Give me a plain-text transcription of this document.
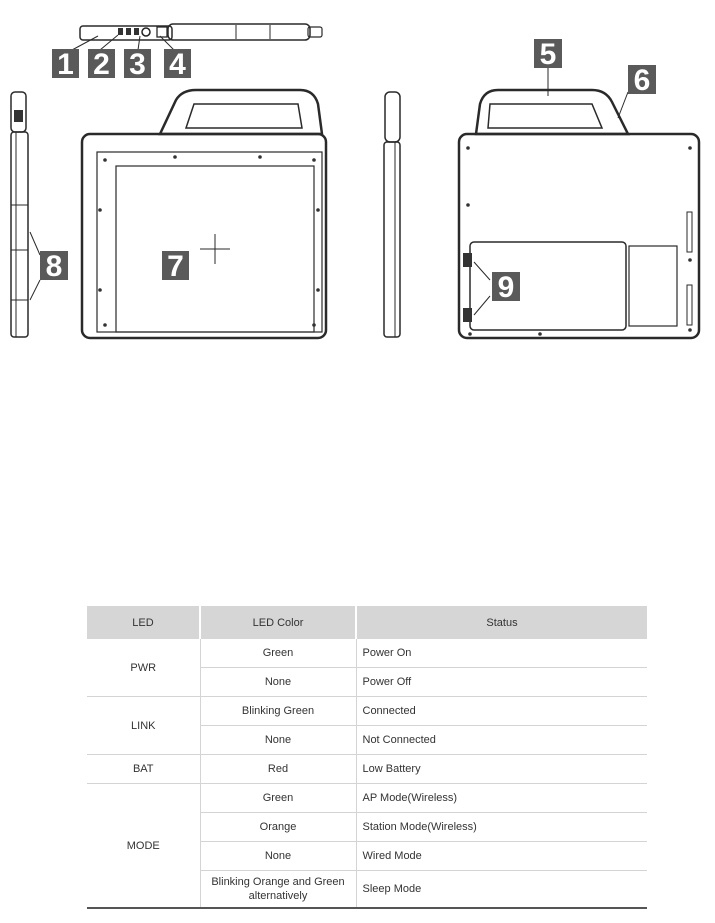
1 2 3 4	5
6
7
8
9
LED	LED Color	Status
PWR	Green	Power On
	None	Power Off
LINK	Blinking Green	Connected
	None	Not Connected
BAT	Red	Low Battery
MODE	Green	AP Mode(Wireless)
	Orange	Station Mode(Wireless)
	None	Wired Mode
	Blinking Orange and Green alternatively	Sleep Mode
